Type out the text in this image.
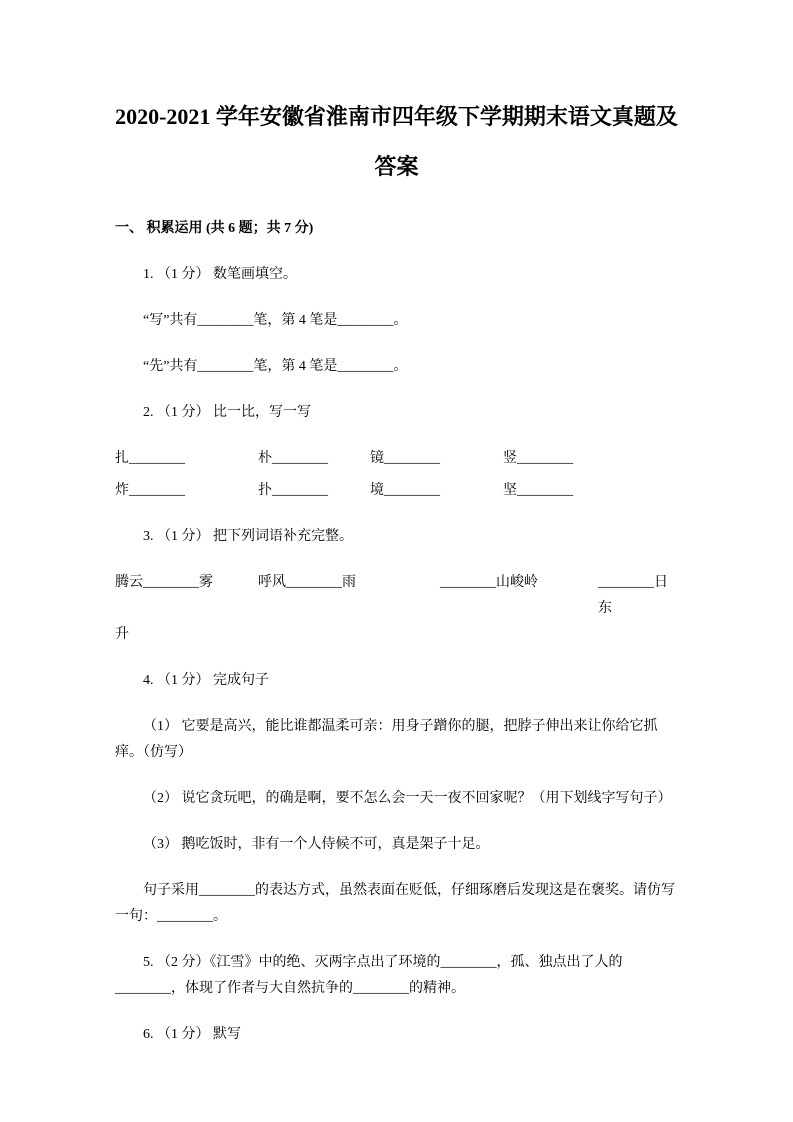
2020-2021 学年安徽省淮南市四年级下学期期末语文真题及
答案
一、 积累运用 (共 6 题；共 7 分)

1. （1 分） 数笔画填空。

“写”共有________笔，第 4 笔是________。

“先”共有________笔，第 4 笔是________。

2. （1 分） 比一比，写一写

扎________	朴________	镜________	竖________
炸________	扑________	境________	坚________

3. （1 分） 把下列词语补充完整。

腾云________雾	呼风________雨	________山峻岭	________日东

升

4. （1 分） 完成句子

（1） 它要是高兴，能比谁都温柔可亲：用身子蹭你的腿，把脖子伸出来让你给它抓痒。（仿写）

（2） 说它贪玩吧，的确是啊，要不怎么会一天一夜不回家呢？（用下划线字写句子）

（3） 鹅吃饭时，非有一个人侍候不可，真是架子十足。

句子采用________的表达方式，虽然表面在贬低，仔细琢磨后发现这是在褒奖。请仿写一句：________。

5. （2 分）《江雪》中的绝、灭两字点出了环境的________，孤、独点出了人的________，体现了作者与大自然抗争的________的精神。

6. （1 分） 默写
